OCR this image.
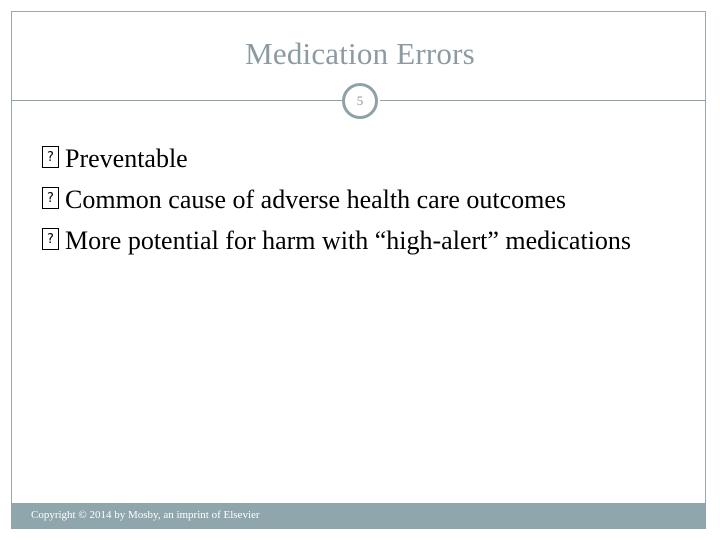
Medication Errors
5
? Preventable
? Common cause of adverse health care outcomes
? More potential for harm with “high-alert” medications
Copyright © 2014 by Mosby, an imprint of Elsevier
